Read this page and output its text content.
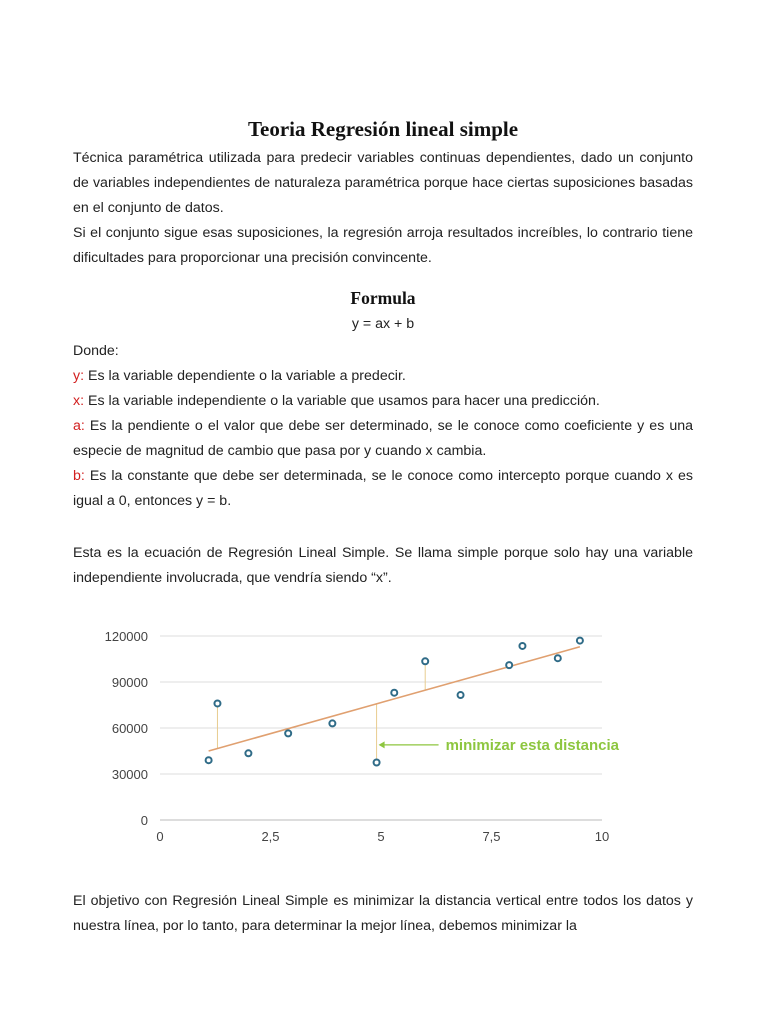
Teoria Regresión lineal simple

Técnica paramétrica utilizada para predecir variables continuas dependientes, dado un conjunto de variables independientes de naturaleza paramétrica porque hace ciertas suposiciones basadas en el conjunto de datos.

Si el conjunto sigue esas suposiciones, la regresión arroja resultados increíbles, lo contrario tiene dificultades para proporcionar una precisión convincente.

Formula

y = ax + b

Donde:

y: Es la variable dependiente o la variable a predecir.

x: Es la variable independiente o la variable que usamos para hacer una predicción.

a: Es la pendiente o el valor que debe ser determinado, se le conoce como coeficiente y es una especie de magnitud de cambio que pasa por y cuando x cambia.

b: Es la constante que debe ser determinada, se le conoce como intercepto porque cuando x es igual a 0, entonces y = b.

Esta es la ecuación de Regresión Lineal Simple. Se llama simple porque solo hay una variable independiente involucrada, que vendría siendo “x”.

El objetivo con Regresión Lineal Simple es minimizar la distancia vertical entre todos los datos y nuestra línea, por lo tanto, para determinar la mejor línea, debemos minimizar la

0
30000
60000
90000
120000
0	2,5	5	7,5	10
minimizar esta distancia
